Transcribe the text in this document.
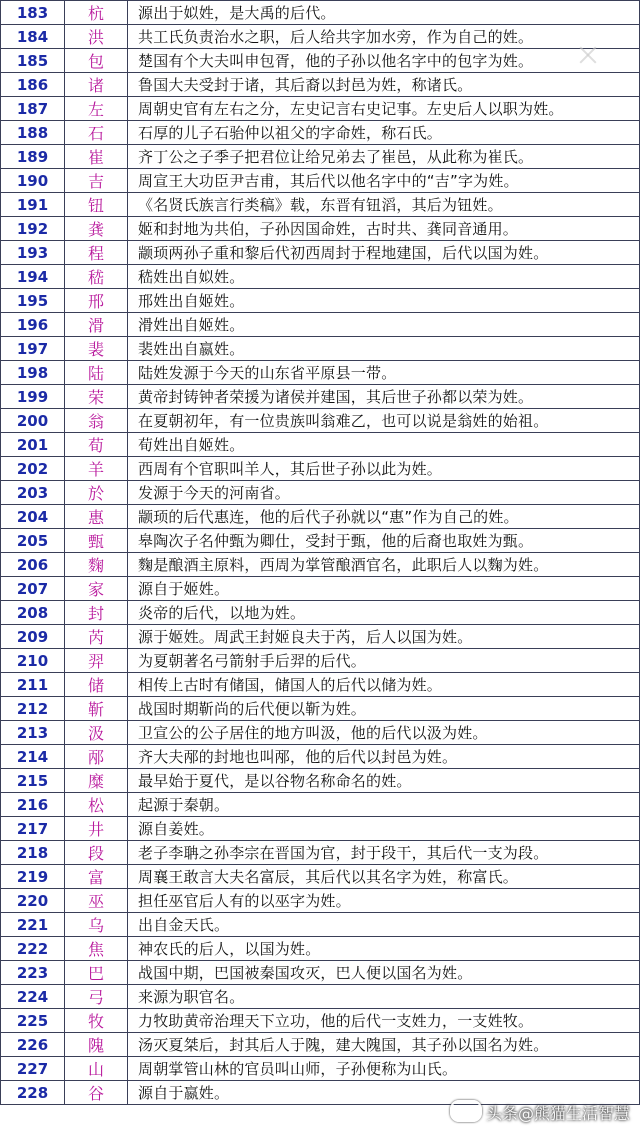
183	杭	源出于姒姓，是大禹的后代。
184	洪	共工氏负责治水之职，后人给共字加水旁，作为自己的姓。
185	包	楚国有个大夫叫申包胥，他的子孙以他名字中的包字为姓。
186	诸	鲁国大夫受封于诸，其后裔以封邑为姓，称诸氏。
187	左	周朝史官有左右之分，左史记言右史记事。左史后人以职为姓。
188	石	石厚的儿子石骀仲以祖父的字命姓，称石氏。
189	崔	齐丁公之子季子把君位让给兄弟去了崔邑，从此称为崔氏。
190	吉	周宣王大功臣尹吉甫，其后代以他名字中的“吉”字为姓。
191	钮	《名贤氏族言行类稿》载，东晋有钮滔，其后为钮姓。
192	龚	姬和封地为共伯，子孙因国命姓，古时共、龚同音通用。
193	程	颛顼两孙子重和黎后代初西周封于程地建国，后代以国为姓。
194	嵇	嵇姓出自姒姓。
195	邢	邢姓出自姬姓。
196	滑	滑姓出自姬姓。
197	裴	裴姓出自嬴姓。
198	陆	陆姓发源于今天的山东省平原县一带。
199	荣	黄帝封铸钟者荣援为诸侯并建国，其后世子孙都以荣为姓。
200	翁	在夏朝初年，有一位贵族叫翁难乙，也可以说是翁姓的始祖。
201	荀	荀姓出自姬姓。
202	羊	西周有个官职叫羊人，其后世子孙以此为姓。
203	於	发源于今天的河南省。
204	惠	颛顼的后代惠连，他的后代子孙就以“惠”作为自己的姓。
205	甄	皋陶次子名仲甄为卿仕，受封于甄，他的后裔也取姓为甄。
206	麴	麴是酿酒主原料，西周为掌管酿酒官名，此职后人以麴为姓。
207	家	源自于姬姓。
208	封	炎帝的后代，以地为姓。
209	芮	源于姬姓。周武王封姬良夫于芮，后人以国为姓。
210	羿	为夏朝著名弓箭射手后羿的后代。
211	储	相传上古时有储国，储国人的后代以储为姓。
212	靳	战国时期靳尚的后代便以靳为姓。
213	汲	卫宣公的公子居住的地方叫汲，他的后代以汲为姓。
214	邴	齐大夫邴的封地也叫邴，他的后代以封邑为姓。
215	糜	最早始于夏代，是以谷物名称命名的姓。
216	松	起源于秦朝。
217	井	源自姜姓。
218	段	老子李聃之孙李宗在晋国为官，封于段干，其后代一支为段。
219	富	周襄王敢言大夫名富辰，其后代以其名字为姓，称富氏。
220	巫	担任巫官后人有的以巫字为姓。
221	乌	出自金天氏。
222	焦	神农氏的后人，以国为姓。
223	巴	战国中期，巴国被秦国攻灭，巴人便以国名为姓。
224	弓	来源为职官名。
225	牧	力牧助黄帝治理天下立功，他的后代一支姓力，一支姓牧。
226	隗	汤灭夏桀后，封其后人于隗，建大隗国，其子孙以国名为姓。
227	山	周朝掌管山林的官员叫山师，子孙便称为山氏。
228	谷	源自于嬴姓。
头条@熊猫生活智慧
